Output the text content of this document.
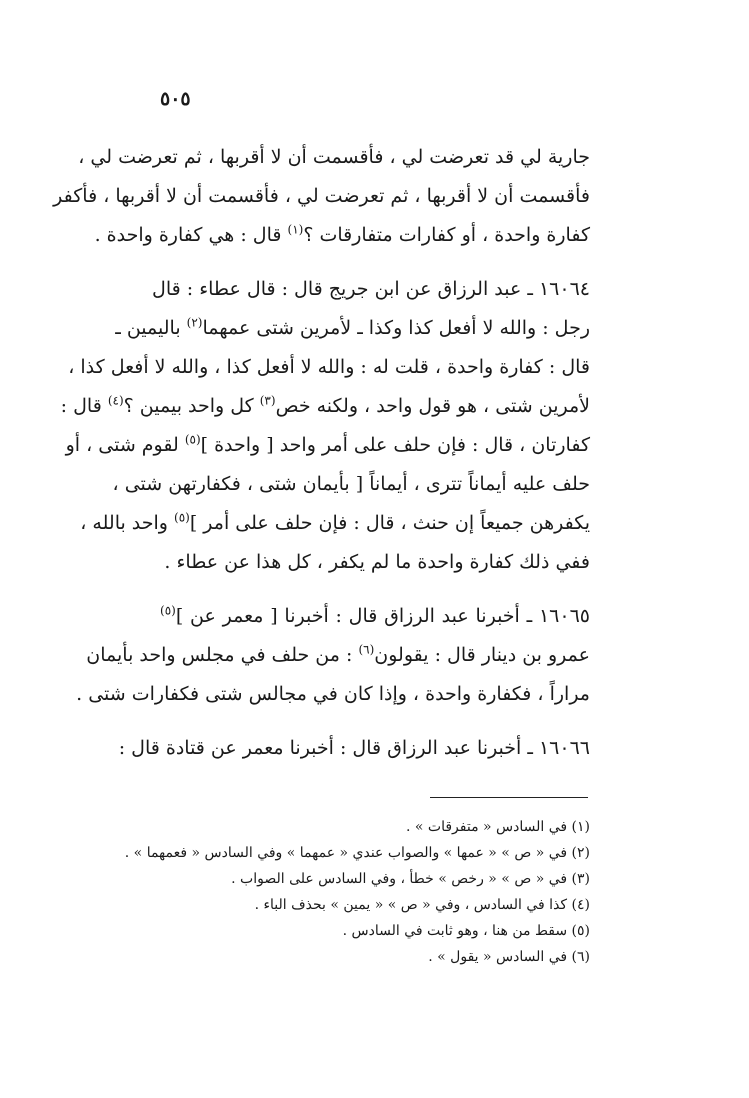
٥٠٥
جارية لي قد تعرضت لي ، فأقسمت أن لا أقربها ، ثم تعرضت لي ،
فأقسمت أن لا أقربها ، ثم تعرضت لي ، فأقسمت أن لا أقربها ، فأكفر
كفارة واحدة ، أو كفارات متفارقات ؟$^{(١)}$ قال : هي كفارة واحدة .
١٦٠٦٤ ـ عبد الرزاق عن ابن جريج قال : قال عطاء : قال
رجل : والله لا أفعل كذا وكذا ـ لأمرين شتى عمهما$^{(٢)}$ باليمين ـ
قال : كفارة واحدة ، قلت له : والله لا أفعل كذا ، والله لا أفعل كذا ،
لأمرين شتى ، هو قول واحد ، ولكنه خص$^{(٣)}$ كل واحد بيمين ؟$^{(٤)}$ قال :
كفارتان ، قال : فإن حلف على أمر واحد [ واحدة ]$^{(٥)}$ لقوم شتى ، أو
حلف عليه أيماناً تترى ، أيماناً [ بأيمان شتى ، فكفارتهن شتى ،
يكفرهن جميعاً إن حنث ، قال : فإن حلف على أمر ]$^{(٥)}$ واحد بالله ،
ففي ذلك كفارة واحدة ما لم يكفر ، كل هذا عن عطاء .
١٦٠٦٥ ـ أخبرنا عبد الرزاق قال : أخبرنا [ معمر عن ]$^{(٥)}$
عمرو بن دينار قال : يقولون$^{(٦)}$ : من حلف في مجلس واحد بأيمان
مراراً ، فكفارة واحدة ، وإذا كان في مجالس شتى فكفارات شتى .
١٦٠٦٦ ـ أخبرنا عبد الرزاق قال : أخبرنا معمر عن قتادة قال :
(١) في السادس « متفرقات » .
(٢) في « ص » « عمها » والصواب عندي « عمهما » وفي السادس « فعمهما » .
(٣) في « ص » « رخص » خطأ ، وفي السادس على الصواب .
(٤) كذا في السادس ، وفي « ص » « يمين » بحذف الباء .
(٥) سقط من هنا ، وهو ثابت في السادس .
(٦) في السادس « يقول » .
